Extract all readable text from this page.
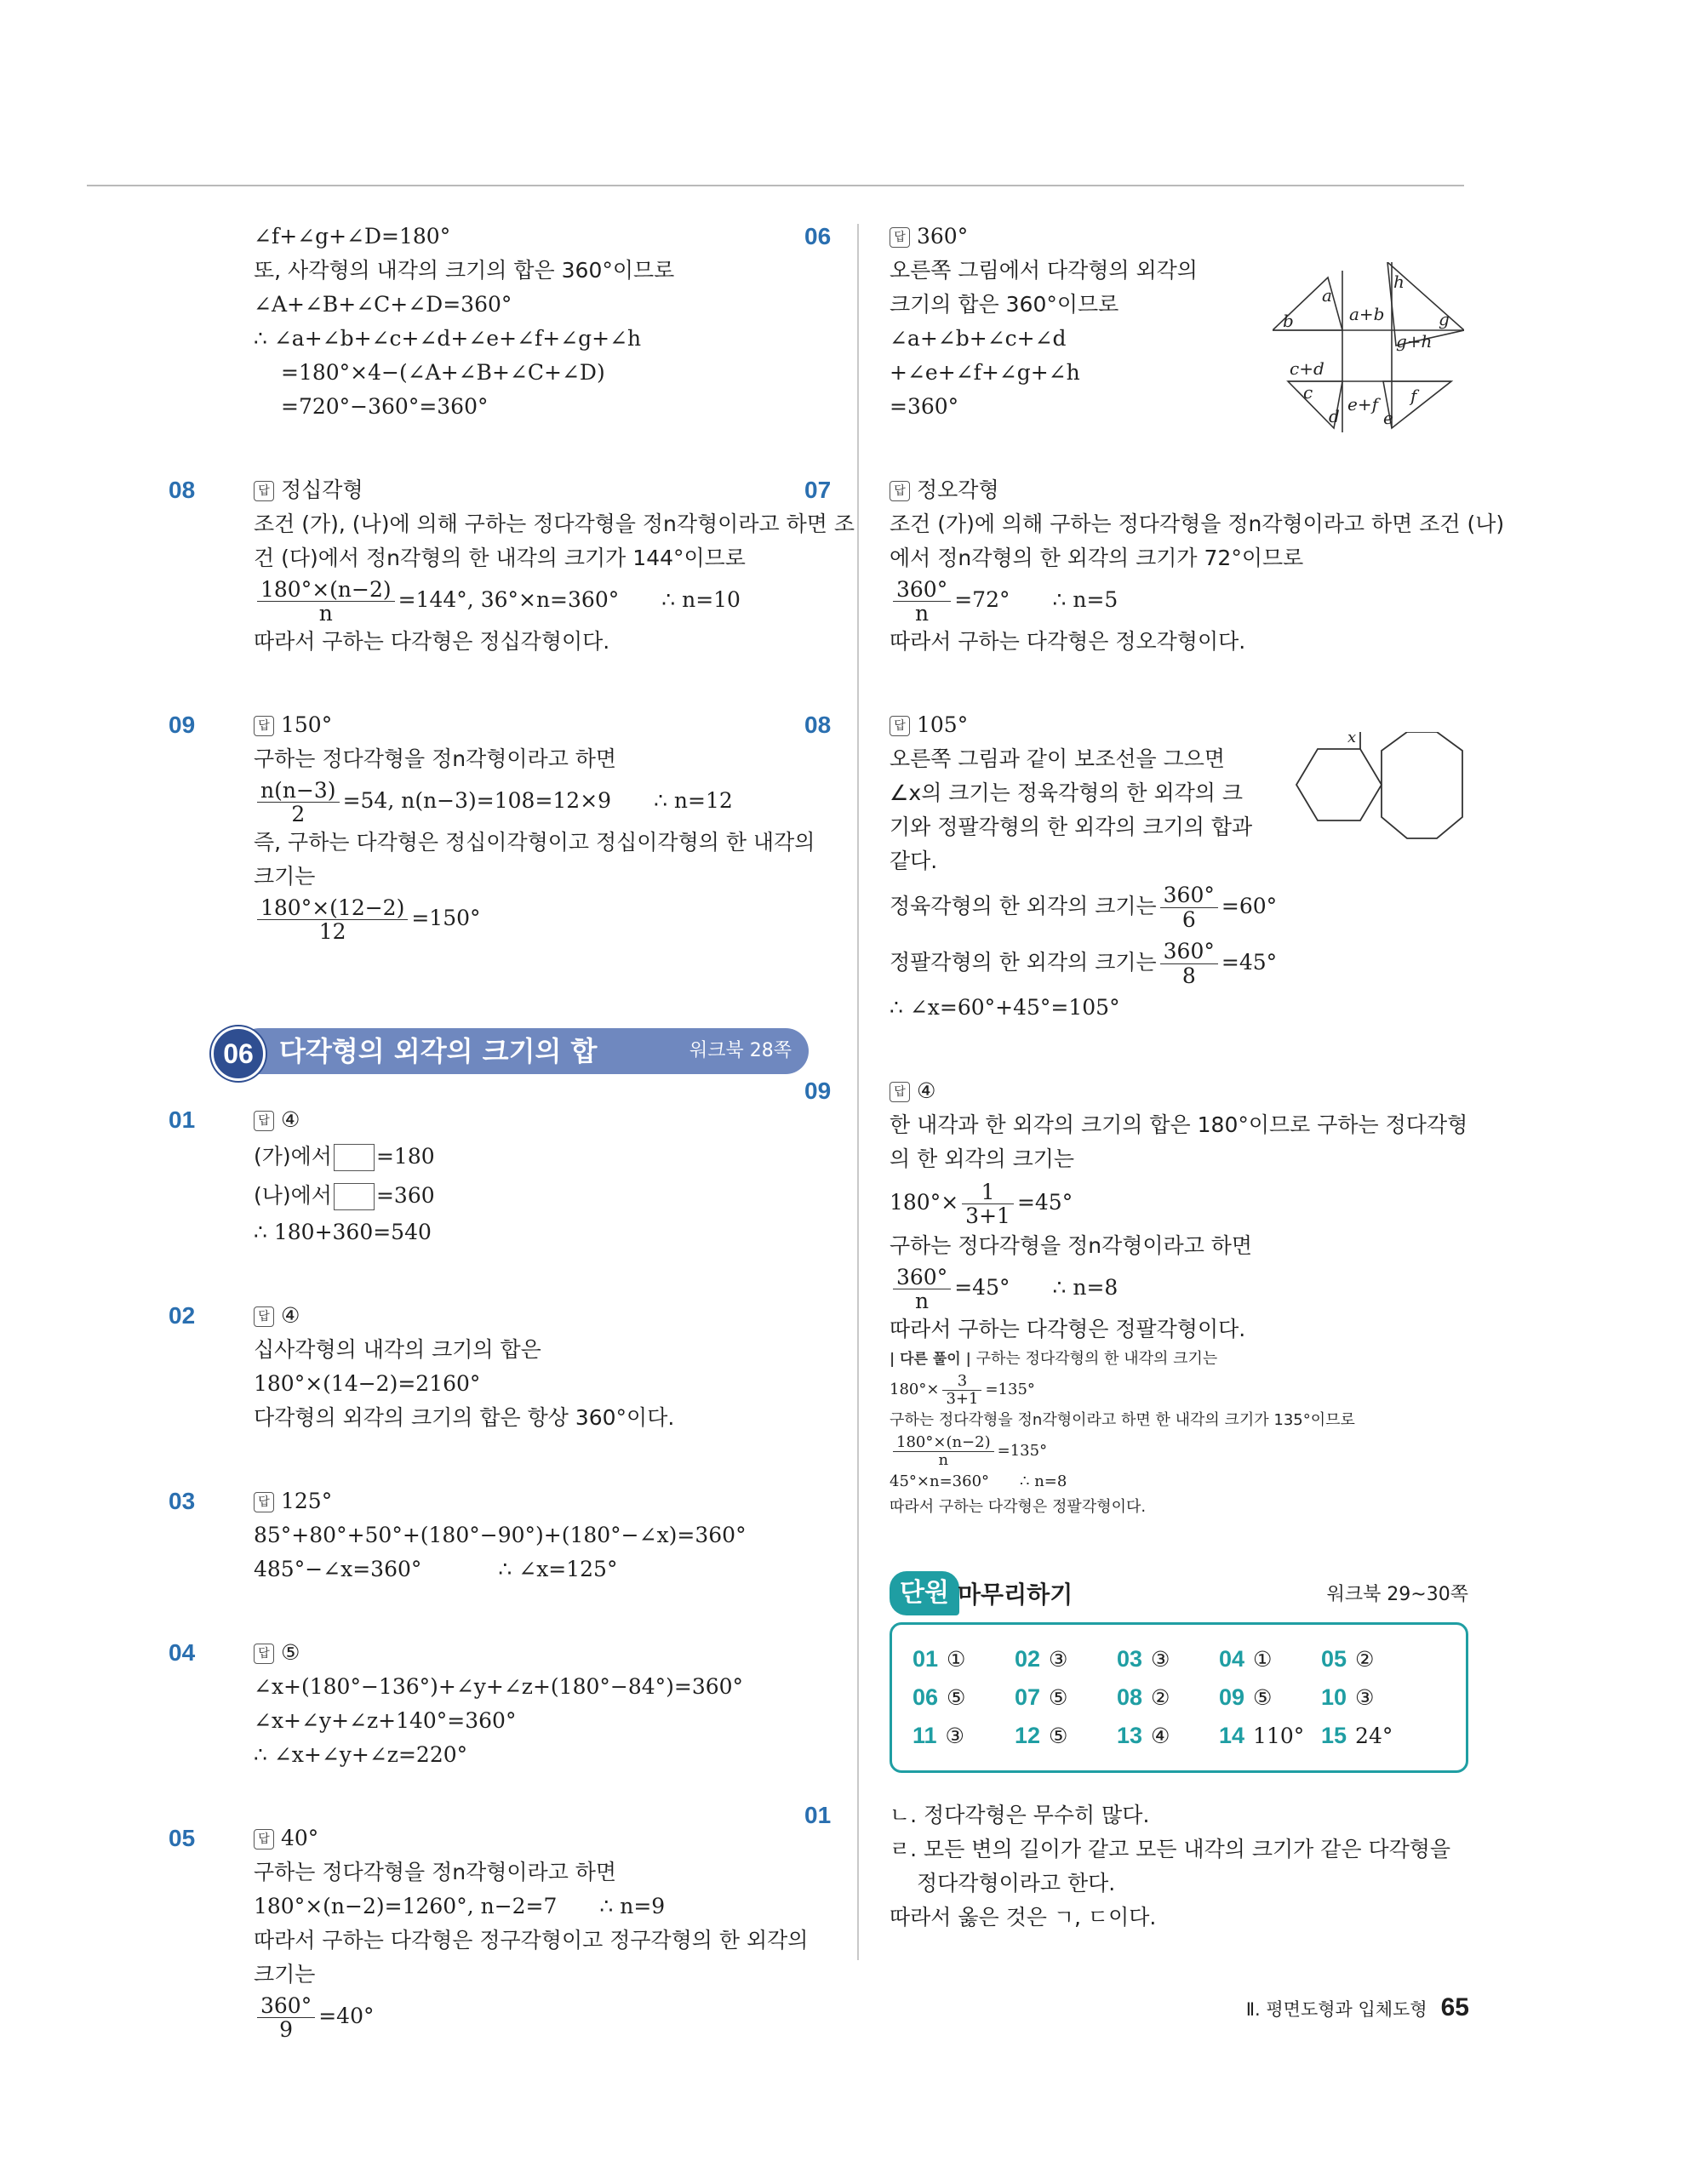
∠f+∠g+∠D=180°
또, 사각형의 내각의 크기의 합은 360°이므로
∠A+∠B+∠C+∠D=360°
∴ ∠a+∠b+∠c+∠d+∠e+∠f+∠g+∠h
=180°×4−(∠A+∠B+∠C+∠D)
=720°−360°=360°
08	답 정십각형
조건 (가), (나)에 의해 구하는 정다각형을 정n각형이라고 하면 조
건 (다)에서 정n각형의 한 내각의 크기가 144°이므로
$\frac{180^\circ\times(n-2)}{n} =144^\circ$, 36°×n=360° ∴ n=10
따라서 구하는 다각형은 정십각형이다.
09	답 150°
구하는 정다각형을 정n각형이라고 하면
$\frac{n(n-3)}{2} =54$, n(n−3)=108=12×9 ∴ n=12
즉, 구하는 다각형은 정십이각형이고 정십이각형의 한 내각의
크기는
$\frac{180^\circ\times(12-2)}{12} =150^\circ$
06 다각형의 외각의 크기의 합	워크북 28쪽
01	답 ④
(가)에서 =180
(나)에서 =360
∴ 180+360=540
02	답 ④
십사각형의 내각의 크기의 합은
180°×(14−2)=2160°
다각형의 외각의 크기의 합은 항상 360°이다.
03	답 125°
85°+80°+50°+(180°−90°)+(180°−∠x)=360°
485°−∠x=360°	∴ ∠x=125°
04	답 ⑤
∠x+(180°−136°)+∠y+∠z+(180°−84°)=360°
∠x+∠y+∠z+140°=360°
∴ ∠x+∠y+∠z=220°
05	답 40°
구하는 정다각형을 정n각형이라고 하면
180°×(n−2)=1260°, n−2=7 ∴ n=9
따라서 구하는 다각형은 정구각형이고 정구각형의 한 외각의
크기는
$\frac{360^\circ}{9} =40^\circ$
06	답 360°
오른쪽 그림에서 다각형의 외각의
크기의 합은 360°이므로
∠a+∠b+∠c+∠d
+∠e+∠f+∠g+∠h
=360°
a
b	a+b
h
g
g+h
c+d
c
d
e+f
e
f
07	답 정오각형
조건 (가)에 의해 구하는 정다각형을 정n각형이라고 하면 조건 (나)
에서 정n각형의 한 외각의 크기가 72°이므로
$\frac{360^\circ}{n} =72^\circ$ ∴ n=5
따라서 구하는 다각형은 정오각형이다.
08	답 105°
오른쪽 그림과 같이 보조선을 그으면
∠x의 크기는 정육각형의 한 외각의 크
기와 정팔각형의 한 외각의 크기의 합과
같다.
정육각형의 한 외각의 크기는 $\frac{360^\circ}{6} =60^\circ$
정팔각형의 한 외각의 크기는 $\frac{360^\circ}{8} =45^\circ$
∴ ∠x=60°+45°=105°
x
09	답 ④
한 내각과 한 외각의 크기의 합은 180°이므로 구하는 정다각형
의 한 외각의 크기는
$180^\circ\times \frac{1}{3+1} =45^\circ$
구하는 정다각형을 정n각형이라고 하면
$\frac{360^\circ}{n} =45^\circ$ ∴ n=8
따라서 구하는 다각형은 정팔각형이다.
| 다른 풀이 | 구하는 정다각형의 한 내각의 크기는
$180^\circ\times \frac{3}{3+1} =135^\circ$
구하는 정다각형을 정n각형이라고 하면 한 내각의 크기가 135°이므로
$\frac{180^\circ\times(n-2)}{n} =135^\circ$
45°×n=360° ∴ n=8
따라서 구하는 다각형은 정팔각형이다.
단원 마무리하기	워크북 29~30쪽
01 ①	02 ③	03 ③	04 ①	05 ②
06 ⑤	07 ⑤	08 ②	09 ⑤	10 ③
11 ③	12 ⑤	13 ④	14 110° 15 24°
01	ㄴ. 정다각형은 무수히 많다.
ㄹ. 모든 변의 길이가 같고 모든 내각의 크기가 같은 다각형을
정다각형이라고 한다.
따라서 옳은 것은 ㄱ, ㄷ이다.
Ⅱ. 평면도형과 입체도형 65
